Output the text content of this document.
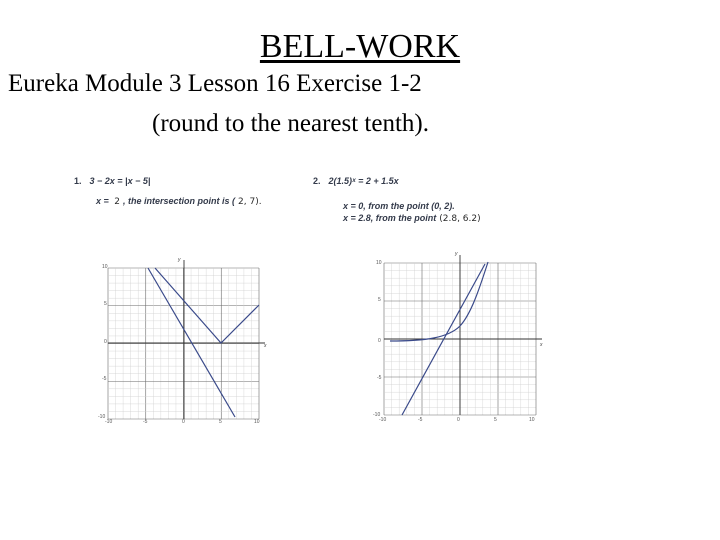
BELL-WORK
Eureka Module 3 Lesson 16 Exercise 1-2
(round to the nearest tenth).
1. 3 − 2x = |x − 5|
x = 2 , the intersection point is ( 2, 7).
2. 2(1.5)ˣ = 2 + 1.5x
x = 0, from the point (0, 2).
x = 2.8, from the point (2.8, 6.2)
y
x
10
5
0
-5
-10
-10	-5	0	5	10
y
x
10
5
0
-5
-10
-10	-5	0	5	10
